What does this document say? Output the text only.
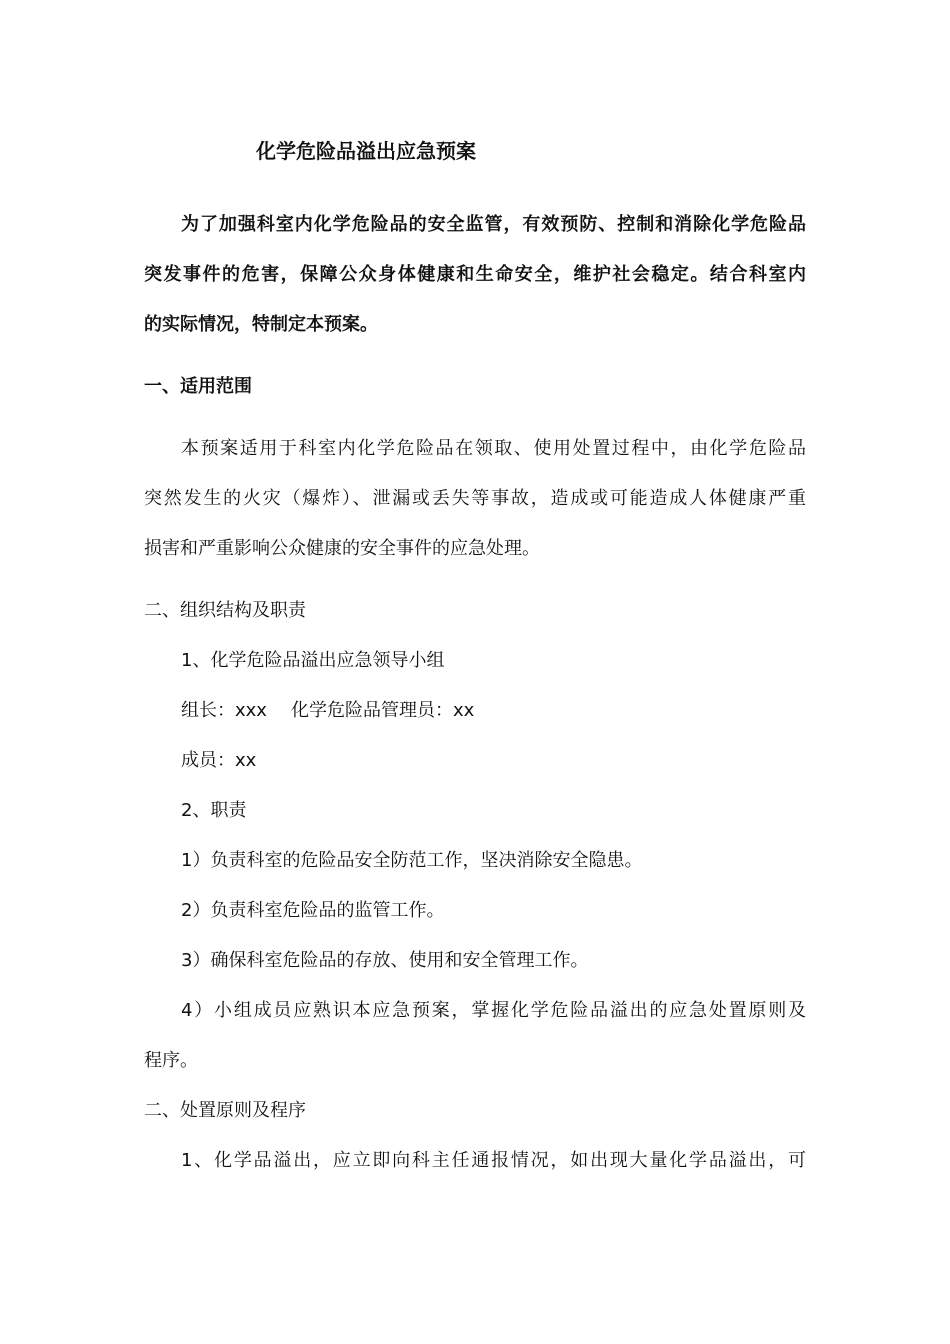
化学危险品溢出应急预案

为了加强科室内化学危险品的安全监管，有效预防、控制和消除化学危险品

突发事件的危害，保障公众身体健康和生命安全，维护社会稳定。结合科室内

的实际情况，特制定本预案。

一、适用范围

本预案适用于科室内化学危险品在领取、使用处置过程中，由化学危险品

突然发生的火灾（爆炸）、泄漏或丢失等事故，造成或可能造成人体健康严重

损害和严重影响公众健康的安全事件的应急处理。

二、组织结构及职责

1、化学危险品溢出应急领导小组

组长：xxx 化学危险品管理员：xx

成员：xx

2、职责

1）负责科室的危险品安全防范工作，坚决消除安全隐患。

2）负责科室危险品的监管工作。

3）确保科室危险品的存放、使用和安全管理工作。

4）小组成员应熟识本应急预案，掌握化学危险品溢出的应急处置原则及

程序。

二、处置原则及程序

1、化学品溢出，应立即向科主任通报情况，如出现大量化学品溢出，可
